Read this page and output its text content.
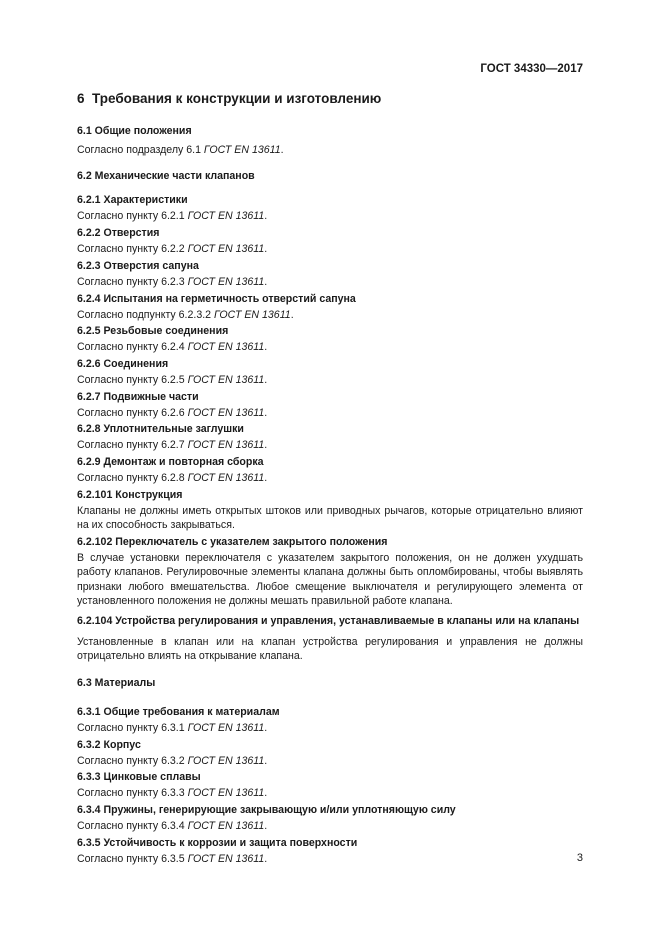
ГОСТ 34330—2017
6 Требования к конструкции и изготовлению
6.1 Общие положения
Согласно подразделу 6.1 ГОСТ EN 13611.
6.2 Механические части клапанов
6.2.1 Характеристики
Согласно пункту 6.2.1 ГОСТ EN 13611.
6.2.2 Отверстия
Согласно пункту 6.2.2 ГОСТ EN 13611.
6.2.3 Отверстия сапуна
Согласно пункту 6.2.3 ГОСТ EN 13611.
6.2.4 Испытания на герметичность отверстий сапуна
Согласно подпункту 6.2.3.2 ГОСТ EN 13611.
6.2.5 Резьбовые соединения
Согласно пункту 6.2.4 ГОСТ EN 13611.
6.2.6 Соединения
Согласно пункту 6.2.5 ГОСТ EN 13611.
6.2.7 Подвижные части
Согласно пункту 6.2.6 ГОСТ EN 13611.
6.2.8 Уплотнительные заглушки
Согласно пункту 6.2.7 ГОСТ EN 13611.
6.2.9 Демонтаж и повторная сборка
Согласно пункту 6.2.8 ГОСТ EN 13611.
6.2.101 Конструкция
Клапаны не должны иметь открытых штоков или приводных рычагов, которые отрицательно влияют на их способность закрываться.
6.2.102 Переключатель с указателем закрытого положения
В случае установки переключателя с указателем закрытого положения, он не должен ухудшать работу клапанов. Регулировочные элементы клапана должны быть опломбированы, чтобы выявлять признаки любого вмешательства. Любое смещение выключателя и регулирующего элемента от установленного положения не должны мешать правильной работе клапана.
6.2.104 Устройства регулирования и управления, устанавливаемые в клапаны или на клапаны
Установленные в клапан или на клапан устройства регулирования и управления не должны отрицательно влиять на открывание клапана.
6.3 Материалы
6.3.1 Общие требования к материалам
Согласно пункту 6.3.1 ГОСТ EN 13611.
6.3.2 Корпус
Согласно пункту 6.3.2 ГОСТ EN 13611.
6.3.3 Цинковые сплавы
Согласно пункту 6.3.3 ГОСТ EN 13611.
6.3.4 Пружины, генерирующие закрывающую и/или уплотняющую силу
Согласно пункту 6.3.4 ГОСТ EN 13611.
6.3.5 Устойчивость к коррозии и защита поверхности
Согласно пункту 6.3.5 ГОСТ EN 13611.	3
